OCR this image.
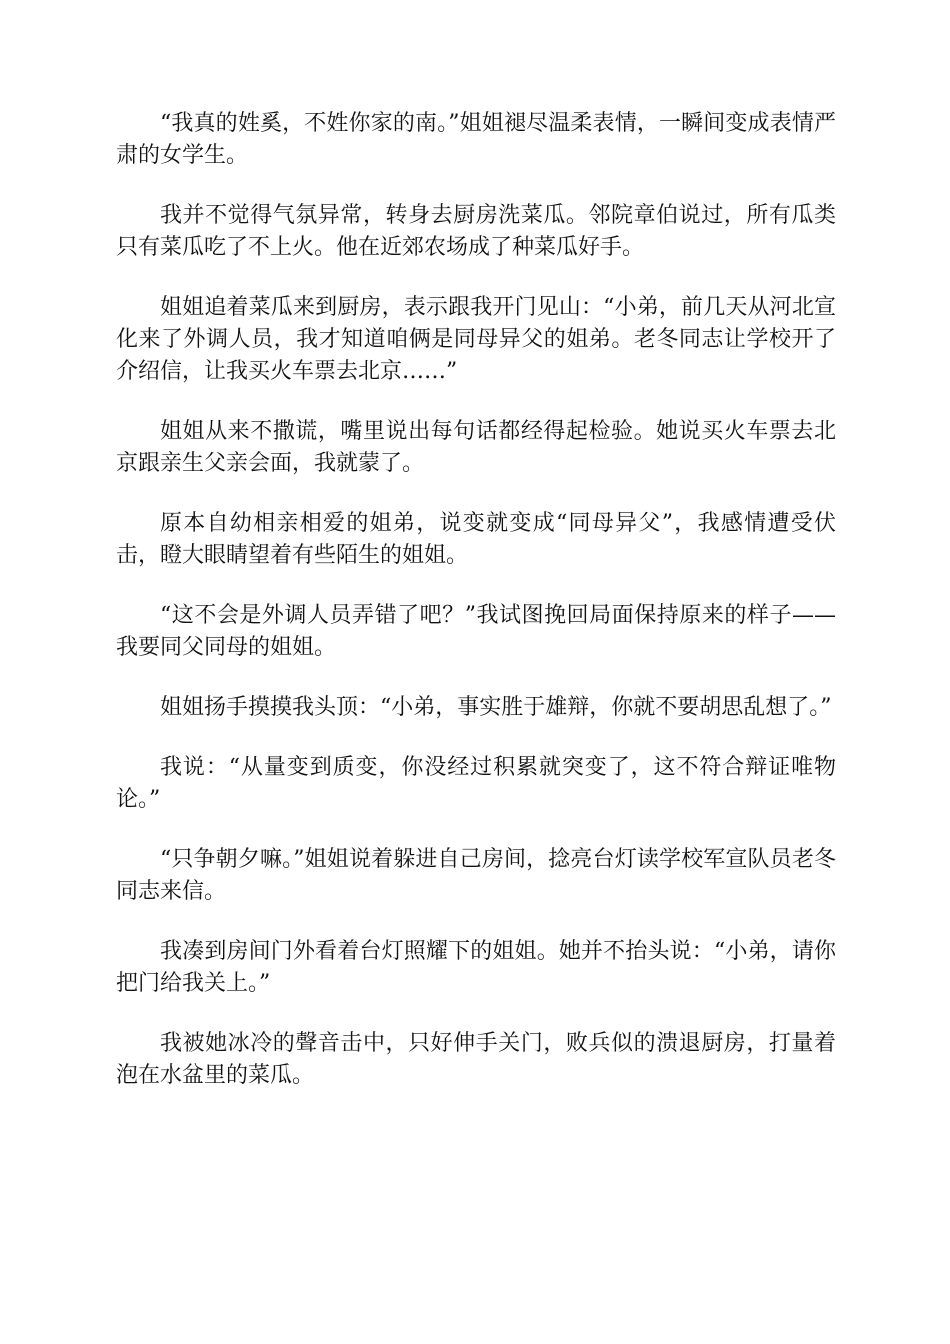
“我真的姓奚，不姓你家的南。”姐姐褪尽温柔表情，一瞬间变成表情严肃的女学生。

我并不觉得气氛异常，转身去厨房洗菜瓜。邻院章伯说过，所有瓜类只有菜瓜吃了不上火。他在近郊农场成了种菜瓜好手。

姐姐追着菜瓜来到厨房，表示跟我开门见山：“小弟，前几天从河北宣化来了外调人员，我才知道咱俩是同母异父的姐弟。老冬同志让学校开了介绍信，让我买火车票去北京……”

姐姐从来不撒谎，嘴里说出每句话都经得起检验。她说买火车票去北京跟亲生父亲会面，我就蒙了。

原本自幼相亲相爱的姐弟，说变就变成“同母异父”，我感情遭受伏击，瞪大眼睛望着有些陌生的姐姐。

“这不会是外调人员弄错了吧？”我试图挽回局面保持原来的样子——我要同父同母的姐姐。

姐姐扬手摸摸我头顶：“小弟，事实胜于雄辩，你就不要胡思乱想了。”

我说：“从量变到质变，你没经过积累就突变了，这不符合辩证唯物论。”

“只争朝夕嘛。”姐姐说着躲进自己房间，捻亮台灯读学校军宣队员老冬同志来信。

我凑到房间门外看着台灯照耀下的姐姐。她并不抬头说：“小弟，请你把门给我关上。”

我被她冰冷的聲音击中，只好伸手关门，败兵似的溃退厨房，打量着泡在水盆里的菜瓜。
